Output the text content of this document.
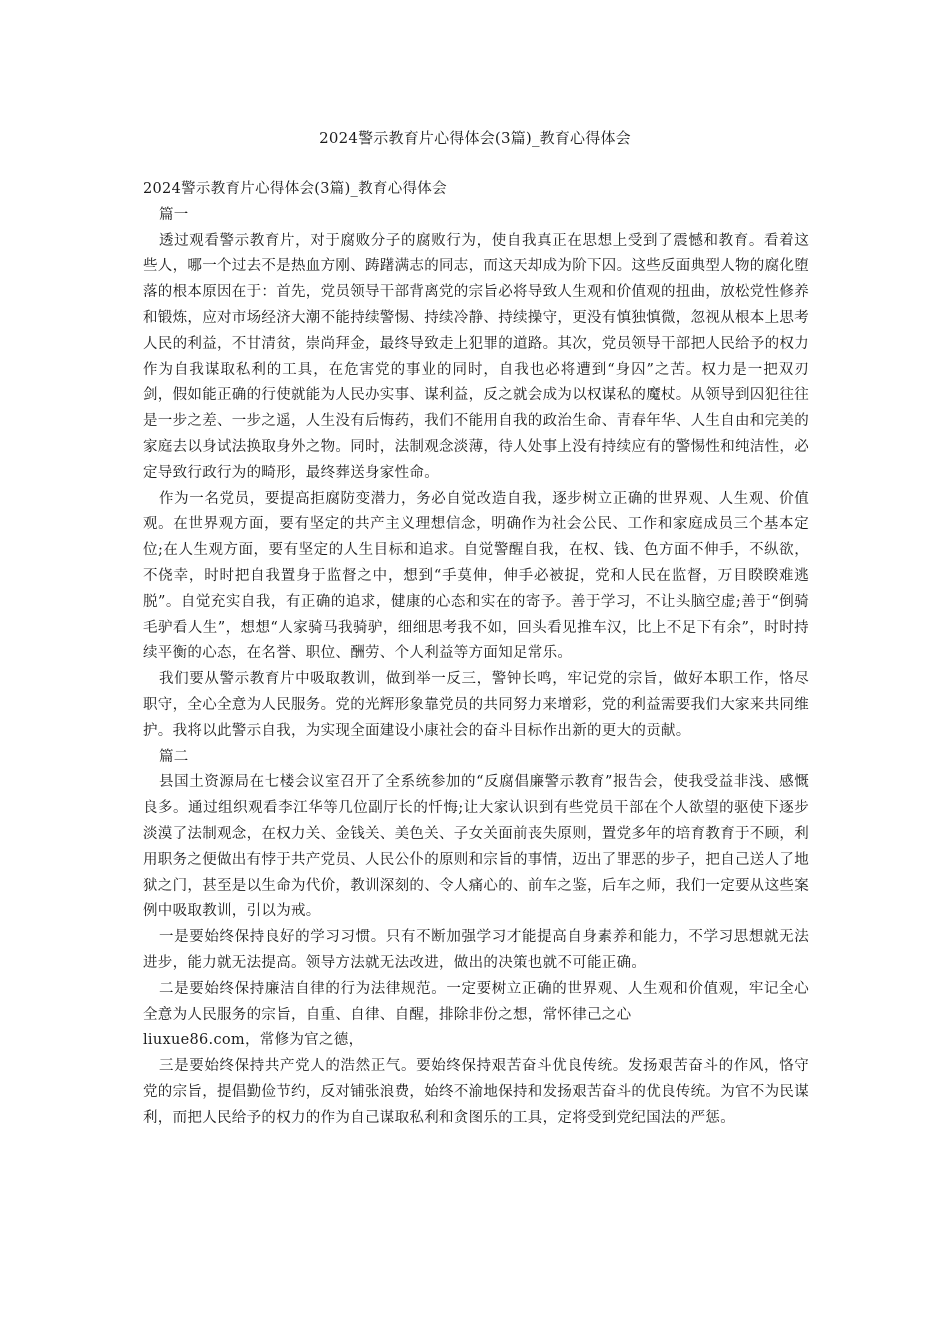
2024警示教育片心得体会(3篇)_教育心得体会

2024警示教育片心得体会(3篇)_教育心得体会

篇一

透过观看警示教育片，对于腐败分子的腐败行为，使自我真正在思想上受到了震憾和教育。看着这些人，哪一个过去不是热血方刚、踌躇满志的同志，而这天却成为阶下囚。这些反面典型人物的腐化堕落的根本原因在于：首先，党员领导干部背离党的宗旨必将导致人生观和价值观的扭曲，放松党性修养和锻炼，应对市场经济大潮不能持续警惕、持续冷静、持续操守，更没有慎独慎微，忽视从根本上思考人民的利益，不甘清贫，崇尚拜金，最终导致走上犯罪的道路。其次，党员领导干部把人民给予的权力作为自我谋取私利的工具，在危害党的事业的同时，自我也必将遭到“身囚”之苦。权力是一把双刃剑，假如能正确的行使就能为人民办实事、谋利益，反之就会成为以权谋私的魔杖。从领导到囚犯往往是一步之差、一步之遥，人生没有后悔药，我们不能用自我的政治生命、青春年华、人生自由和完美的家庭去以身试法换取身外之物。同时，法制观念淡薄，待人处事上没有持续应有的警惕性和纯洁性，必定导致行政行为的畸形，最终葬送身家性命。

作为一名党员，要提高拒腐防变潜力，务必自觉改造自我，逐步树立正确的世界观、人生观、价值观。在世界观方面，要有坚定的共产主义理想信念，明确作为社会公民、工作和家庭成员三个基本定位;在人生观方面，要有坚定的人生目标和追求。自觉警醒自我，在权、钱、色方面不伸手，不纵欲，不侥幸，时时把自我置身于监督之中，想到“手莫伸，伸手必被捉，党和人民在监督，万目睽睽难逃脱”。自觉充实自我，有正确的追求，健康的心态和实在的寄予。善于学习，不让头脑空虚;善于“倒骑毛驴看人生”，想想“人家骑马我骑驴，细细思考我不如，回头看见推车汉，比上不足下有余”，时时持续平衡的心态，在名誉、职位、酬劳、个人利益等方面知足常乐。

我们要从警示教育片中吸取教训，做到举一反三，警钟长鸣，牢记党的宗旨，做好本职工作，恪尽职守，全心全意为人民服务。党的光辉形象靠党员的共同努力来增彩，党的利益需要我们大家来共同维护。我将以此警示自我，为实现全面建设小康社会的奋斗目标作出新的更大的贡献。

篇二

县国土资源局在七楼会议室召开了全系统参加的“反腐倡廉警示教育”报告会，使我受益非浅、感慨良多。通过组织观看李江华等几位副厅长的忏悔;让大家认识到有些党员干部在个人欲望的驱使下逐步淡漠了法制观念，在权力关、金钱关、美色关、子女关面前丧失原则，置党多年的培育教育于不顾，利用职务之便做出有悖于共产党员、人民公仆的原则和宗旨的事情，迈出了罪恶的步子，把自己送人了地狱之门，甚至是以生命为代价，教训深刻的、令人痛心的、前车之鉴，后车之师，我们一定要从这些案例中吸取教训，引以为戒。

一是要始终保持良好的学习习惯。只有不断加强学习才能提高自身素养和能力，不学习思想就无法进步，能力就无法提高。领导方法就无法改进，做出的决策也就不可能正确。

二是要始终保持廉洁自律的行为法律规范。一定要树立正确的世界观、人生观和价值观，牢记全心全意为人民服务的宗旨，自重、自律、自醒，排除非份之想，常怀律己之心

liuxue86.com，常修为官之德，

三是要始终保持共产党人的浩然正气。要始终保持艰苦奋斗优良传统。发扬艰苦奋斗的作风，恪守党的宗旨，提倡勤俭节约，反对铺张浪费，始终不渝地保持和发扬艰苦奋斗的优良传统。为官不为民谋利，而把人民给予的权力的作为自己谋取私利和贪图乐的工具，定将受到党纪国法的严惩。
